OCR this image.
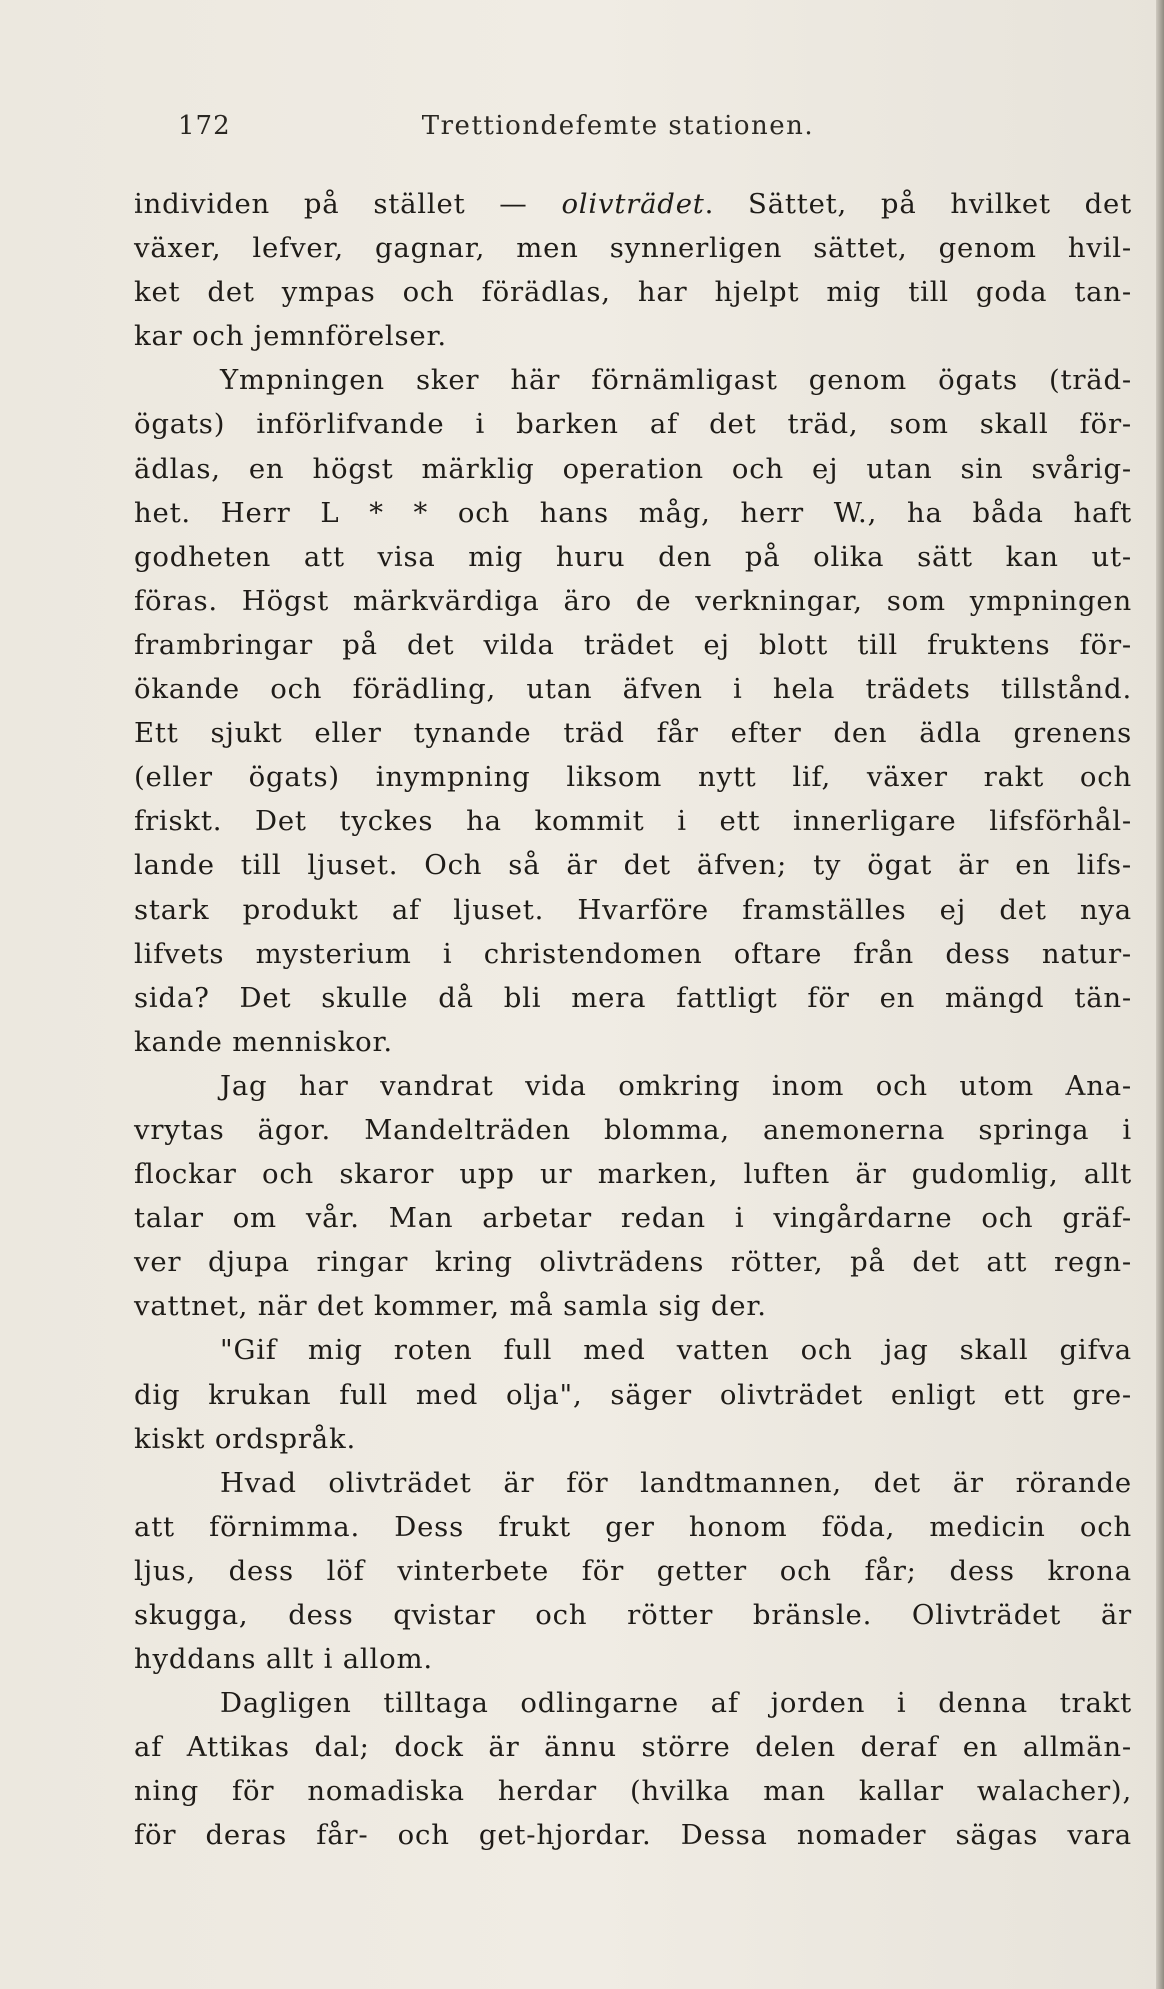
172	Trettiondefemte stationen.
individen på stället — olivträdet. Sättet, på hvilket det
växer, lefver, gagnar, men synnerligen sättet, genom hvil-
ket det ympas och förädlas, har hjelpt mig till goda tan-
kar och jemnförelser.
Ympningen sker här förnämligast genom ögats (träd-
ögats) införlifvande i barken af det träd, som skall för-
ädlas, en högst märklig operation och ej utan sin svårig-
het. Herr L * * och hans måg, herr W., ha båda haft
godheten att visa mig huru den på olika sätt kan ut-
föras. Högst märkvärdiga äro de verkningar, som ympningen
frambringar på det vilda trädet ej blott till fruktens för-
ökande och förädling, utan äfven i hela trädets tillstånd.
Ett sjukt eller tynande träd får efter den ädla grenens
(eller ögats) inympning liksom nytt lif, växer rakt och
friskt. Det tyckes ha kommit i ett innerligare lifsförhål-
lande till ljuset. Och så är det äfven; ty ögat är en lifs-
stark produkt af ljuset. Hvarföre framställes ej det nya
lifvets mysterium i christendomen oftare från dess natur-
sida? Det skulle då bli mera fattligt för en mängd tän-
kande menniskor.
Jag har vandrat vida omkring inom och utom Ana-
vrytas ägor. Mandelträden blomma, anemonerna springa i
flockar och skaror upp ur marken, luften är gudomlig, allt
talar om vår. Man arbetar redan i vingårdarne och gräf-
ver djupa ringar kring olivträdens rötter, på det att regn-
vattnet, när det kommer, må samla sig der.
"Gif mig roten full med vatten och jag skall gifva
dig krukan full med olja", säger olivträdet enligt ett gre-
kiskt ordspråk.
Hvad olivträdet är för landtmannen, det är rörande
att förnimma. Dess frukt ger honom föda, medicin och
ljus, dess löf vinterbete för getter och får; dess krona
skugga, dess qvistar och rötter bränsle. Olivträdet är
hyddans allt i allom.
Dagligen tilltaga odlingarne af jorden i denna trakt
af Attikas dal; dock är ännu större delen deraf en allmän-
ning för nomadiska herdar (hvilka man kallar walacher),
för deras får- och get-hjordar. Dessa nomader sägas vara
